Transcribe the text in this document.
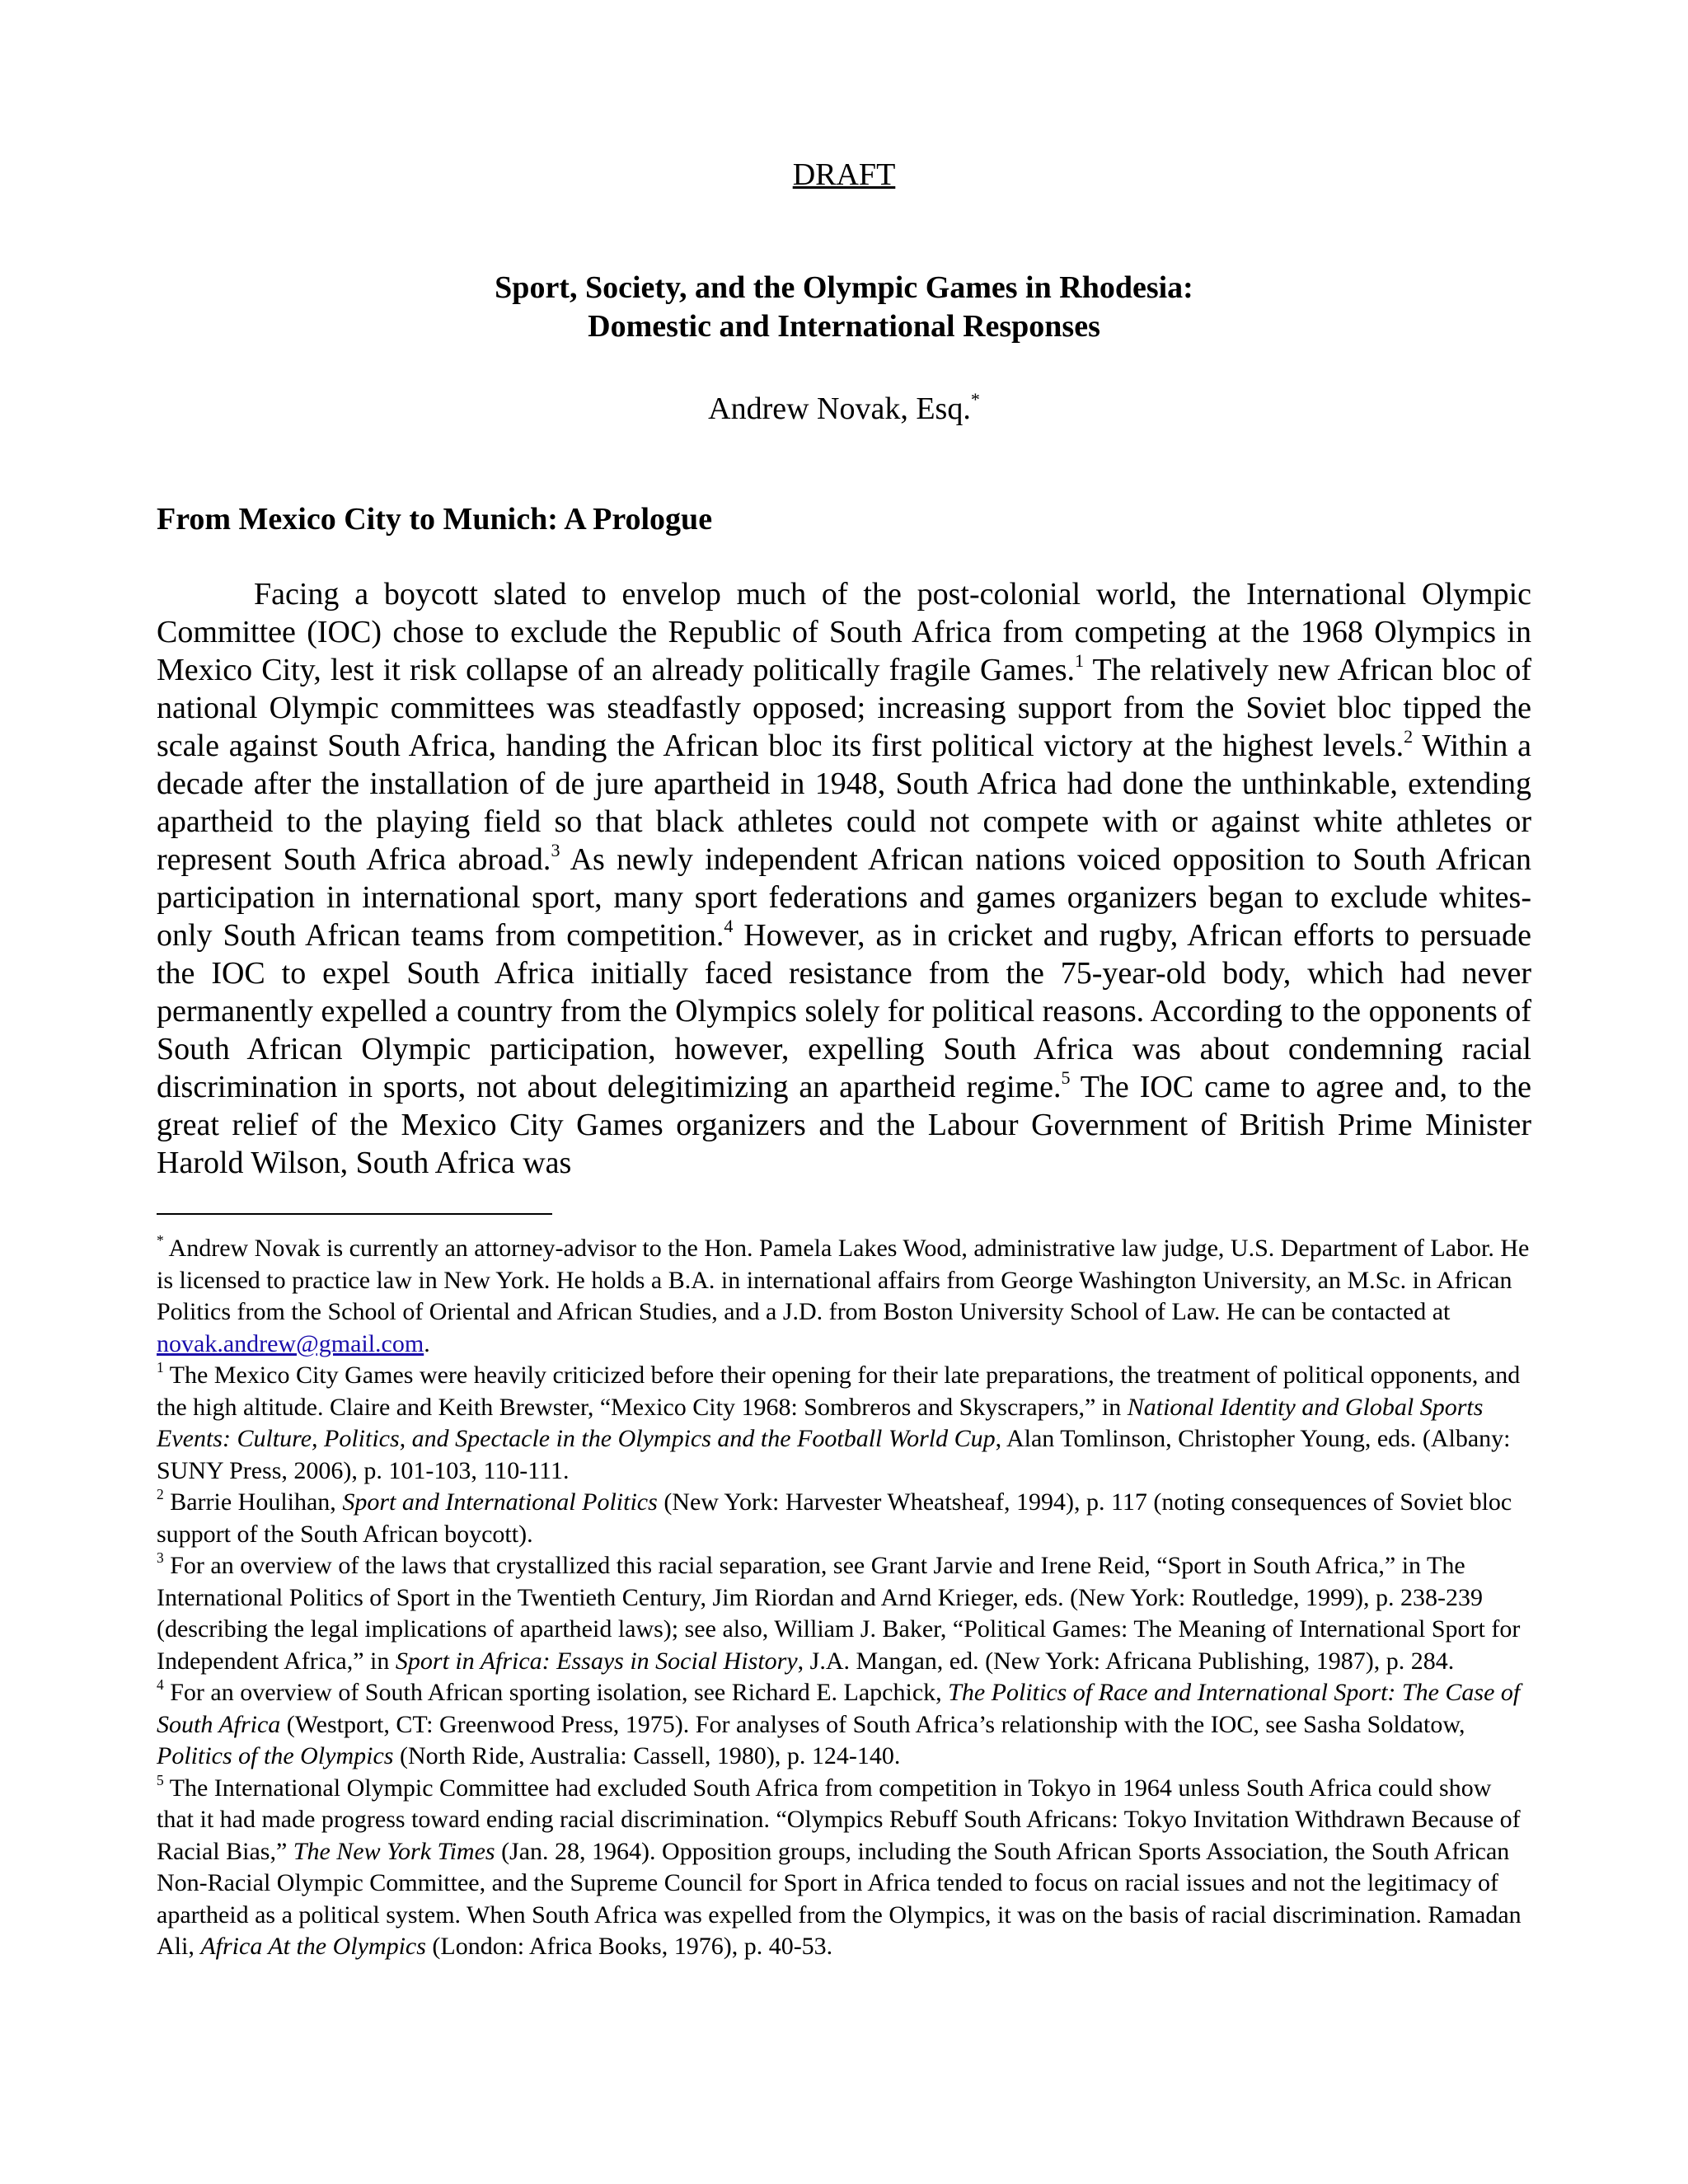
DRAFT
Sport, Society, and the Olympic Games in Rhodesia:
Domestic and International Responses
Andrew Novak, Esq.*
From Mexico City to Munich: A Prologue

Facing a boycott slated to envelop much of the post-colonial world, the International Olympic Committee (IOC) chose to exclude the Republic of South Africa from competing at the 1968 Olympics in Mexico City, lest it risk collapse of an already politically fragile Games.$^1$ The relatively new African bloc of national Olympic committees was steadfastly opposed; increasing support from the Soviet bloc tipped the scale against South Africa, handing the African bloc its first political victory at the highest levels.$^2$ Within a decade after the installation of de jure apartheid in 1948, South Africa had done the unthinkable, extending apartheid to the playing field so that black athletes could not compete with or against white athletes or represent South Africa abroad.$^3$ As newly independent African nations voiced opposition to South African participation in international sport, many sport federations and games organizers began to exclude whites-only South African teams from competition.$^4$ However, as in cricket and rugby, African efforts to persuade the IOC to expel South Africa initially faced resistance from the 75-year-old body, which had never permanently expelled a country from the Olympics solely for political reasons. According to the opponents of South African Olympic participation, however, expelling South Africa was about condemning racial discrimination in sports, not about delegitimizing an apartheid regime.$^5$ The IOC came to agree and, to the great relief of the Mexico City Games organizers and the Labour Government of British Prime Minister Harold Wilson, South Africa was

* Andrew Novak is currently an attorney-advisor to the Hon. Pamela Lakes Wood, administrative law judge, U.S. Department of Labor. He is licensed to practice law in New York. He holds a B.A. in international affairs from George Washington University, an M.Sc. in African Politics from the School of Oriental and African Studies, and a J.D. from Boston University School of Law. He can be contacted at novak.andrew@gmail.com.

$^1$ The Mexico City Games were heavily criticized before their opening for their late preparations, the treatment of political opponents, and the high altitude. Claire and Keith Brewster, “Mexico City 1968: Sombreros and Skyscrapers,” in National Identity and Global Sports Events: Culture, Politics, and Spectacle in the Olympics and the Football World Cup, Alan Tomlinson, Christopher Young, eds. (Albany: SUNY Press, 2006), p. 101-103, 110-111.

$^2$ Barrie Houlihan, Sport and International Politics (New York: Harvester Wheatsheaf, 1994), p. 117 (noting consequences of Soviet bloc support of the South African boycott).

$^3$ For an overview of the laws that crystallized this racial separation, see Grant Jarvie and Irene Reid, “Sport in South Africa,” in The International Politics of Sport in the Twentieth Century, Jim Riordan and Arnd Krieger, eds. (New York: Routledge, 1999), p. 238-239 (describing the legal implications of apartheid laws); see also, William J. Baker, “Political Games: The Meaning of International Sport for Independent Africa,” in Sport in Africa: Essays in Social History, J.A. Mangan, ed. (New York: Africana Publishing, 1987), p. 284.

$^4$ For an overview of South African sporting isolation, see Richard E. Lapchick, The Politics of Race and International Sport: The Case of South Africa (Westport, CT: Greenwood Press, 1975). For analyses of South Africa’s relationship with the IOC, see Sasha Soldatow, Politics of the Olympics (North Ride, Australia: Cassell, 1980), p. 124-140.

$^5$ The International Olympic Committee had excluded South Africa from competition in Tokyo in 1964 unless South Africa could show that it had made progress toward ending racial discrimination. “Olympics Rebuff South Africans: Tokyo Invitation Withdrawn Because of Racial Bias,” The New York Times (Jan. 28, 1964). Opposition groups, including the South African Sports Association, the South African Non-Racial Olympic Committee, and the Supreme Council for Sport in Africa tended to focus on racial issues and not the legitimacy of apartheid as a political system. When South Africa was expelled from the Olympics, it was on the basis of racial discrimination. Ramadan Ali, Africa At the Olympics (London: Africa Books, 1976), p. 40-53.
